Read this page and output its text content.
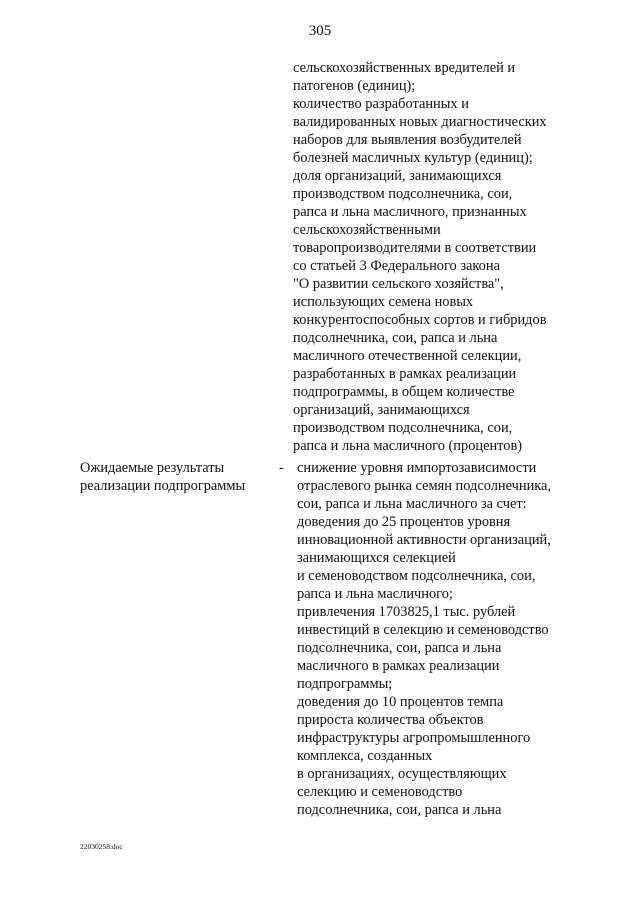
305
сельскохозяйственных вредителей и
патогенов (единиц);
количество разработанных и
валидированных новых диагностических
наборов для выявления возбудителей
болезней масличных культур (единиц);
доля организаций, занимающихся
производством подсолнечника, сои,
рапса и льна масличного, признанных
сельскохозяйственными
товаропроизводителями в соответствии
со статьей 3 Федерального закона
"О развитии сельского хозяйства",
использующих семена новых
конкурентоспособных сортов и гибридов
подсолнечника, сои, рапса и льна
масличного отечественной селекции,
разработанных в рамках реализации
подпрограммы, в общем количестве
организаций, занимающихся
производством подсолнечника, сои,
рапса и льна масличного (процентов)
Ожидаемые результаты
реализации подпрограммы
- снижение уровня импортозависимости
отраслевого рынка семян подсолнечника,
сои, рапса и льна масличного за счет:
доведения до 25 процентов уровня
инновационной активности организаций,
занимающихся селекцией
и семеноводством подсолнечника, сои,
рапса и льна масличного;
привлечения 1703825,1 тыс. рублей
инвестиций в селекцию и семеноводство
подсолнечника, сои, рапса и льна
масличного в рамках реализации
подпрограммы;
доведения до 10 процентов темпа
прироста количества объектов
инфраструктуры агропромышленного
комплекса, созданных
в организациях, осуществляющих
селекцию и семеноводство
подсолнечника, сои, рапса и льна
22030258.doc
